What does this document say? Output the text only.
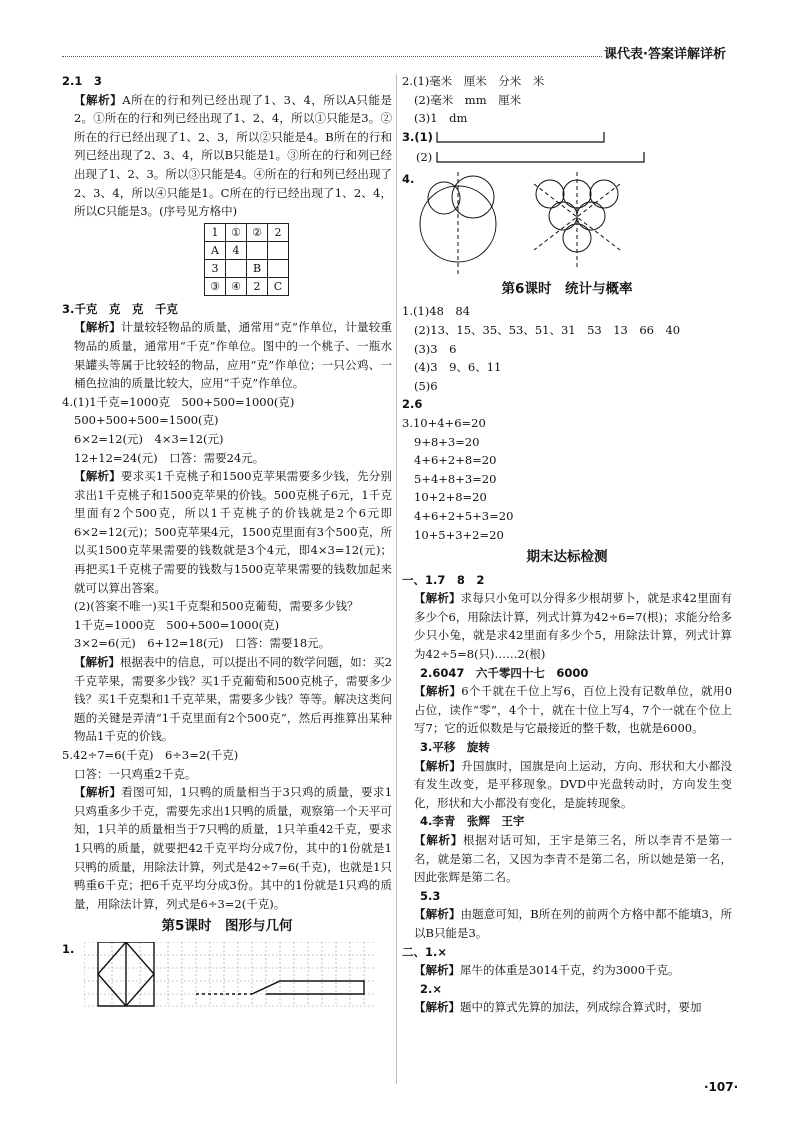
课代表·答案详解详析

2.1　3

【解析】A所在的行和列已经出现了1、3、4，所以A只能是2。①所在的行和列已经出现了1、2、4，所以①只能是3。②所在的行已经出现了1、2、3，所以②只能是4。B所在的行和列已经出现了2、3、4，所以B只能是1。③所在的行和列已经出现了1、2、3。所以③只能是4。④所在的行和列已经出现了2、3、4，所以④只能是1。C所在的行已经出现了1、2、4，所以C只能是3。(序号见方格中)

1	①	②	2
A	4		
3		B	
③	④	2	C

3.千克　克　克　千克

【解析】计量较轻物品的质量，通常用“克”作单位，计量较重物品的质量，通常用“千克”作单位。图中的一个桃子、一瓶水果罐头等属于比较轻的物品，应用“克”作单位；一只公鸡、一桶色拉油的质量比较大，应用“千克”作单位。

4.(1)1千克=1000克　500+500=1000(克)

500+500+500=1500(克)

6×2=12(元)　4×3=12(元)

12+12=24(元)　口答：需要24元。

【解析】要求买1千克桃子和1500克苹果需要多少钱，先分别求出1千克桃子和1500克苹果的价钱。500克桃子6元，1千克里面有2个500克，所以1千克桃子的价钱就是2个6元即6×2=12(元)；500克苹果4元，1500克里面有3个500克，所以买1500克苹果需要的钱数就是3个4元，即4×3=12(元)；再把买1千克桃子需要的钱数与1500克苹果需要的钱数加起来就可以算出答案。

(2)(答案不唯一)买1千克梨和500克葡萄，需要多少钱？

1千克=1000克　500+500=1000(克)

3×2=6(元)　6+12=18(元)　口答：需要18元。

【解析】根据表中的信息，可以提出不同的数学问题，如：买2千克苹果，需要多少钱？买1千克葡萄和500克桃子，需要多少钱？买1千克梨和1千克苹果，需要多少钱？等等。解决这类问题的关键是弄清“1千克里面有2个500克”，然后再推算出某种物品1千克的价钱。

5.42÷7=6(千克)　6÷3=2(千克)

口答：一只鸡重2千克。

【解析】看图可知，1只鸭的质量相当于3只鸡的质量，要求1只鸡重多少千克，需要先求出1只鸭的质量，观察第一个天平可知，1只羊的质量相当于7只鸭的质量，1只羊重42千克，要求1只鸭的质量，就要把42千克平均分成7份，其中的1份就是1只鸭的质量，用除法计算，列式是42÷7=6(千克)，也就是1只鸭重6千克；把6千克平均分成3份。其中的1份就是1只鸡的质量，用除法计算，列式是6÷3=2(千克)。

第5课时　图形与几何
1.

2.(1)毫米　厘米　分米　米

(2)毫米　mm　厘米

(3)1　dm

3.(1)
(2)
4.
第6课时　统计与概率

1.(1)48　84

(2)13、15、35、53、51、31　53　13　66　40

(3)3　6

(4)3　9、6、11

(5)6

2.6

3.10+4+6=20

9+8+3=20

4+6+2+8=20

5+4+8+3=20

10+2+8=20

4+6+2+5+3=20

10+5+3+2=20

期末达标检测

一、1.7　8　2

【解析】求每只小兔可以分得多少根胡萝卜，就是求42里面有多少个6，用除法计算，列式计算为42÷6=7(根)；求能分给多少只小兔，就是求42里面有多少个5，用除法计算，列式计算为42÷5=8(只)……2(根)

2.6047　六千零四十七　6000

【解析】6个千就在千位上写6，百位上没有记数单位，就用0占位，读作“零”，4个十，就在十位上写4，7个一就在个位上写7；它的近似数是与它最接近的整千数，也就是6000。

3.平移　旋转

【解析】升国旗时，国旗是向上运动，方向、形状和大小都没有发生改变，是平移现象。DVD中光盘转动时，方向发生变化，形状和大小都没有变化，是旋转现象。

4.李青　张辉　王宇

【解析】根据对话可知，王宇是第三名，所以李青不是第一名，就是第二名，又因为李青不是第二名，所以她是第一名，因此张辉是第二名。

5.3

【解析】由题意可知，B所在列的前两个方格中都不能填3，所以B只能是3。

二、1.×

【解析】犀牛的体重是3014千克，约为3000千克。

2.×

【解析】题中的算式先算的加法，列成综合算式时，要加

·107·
